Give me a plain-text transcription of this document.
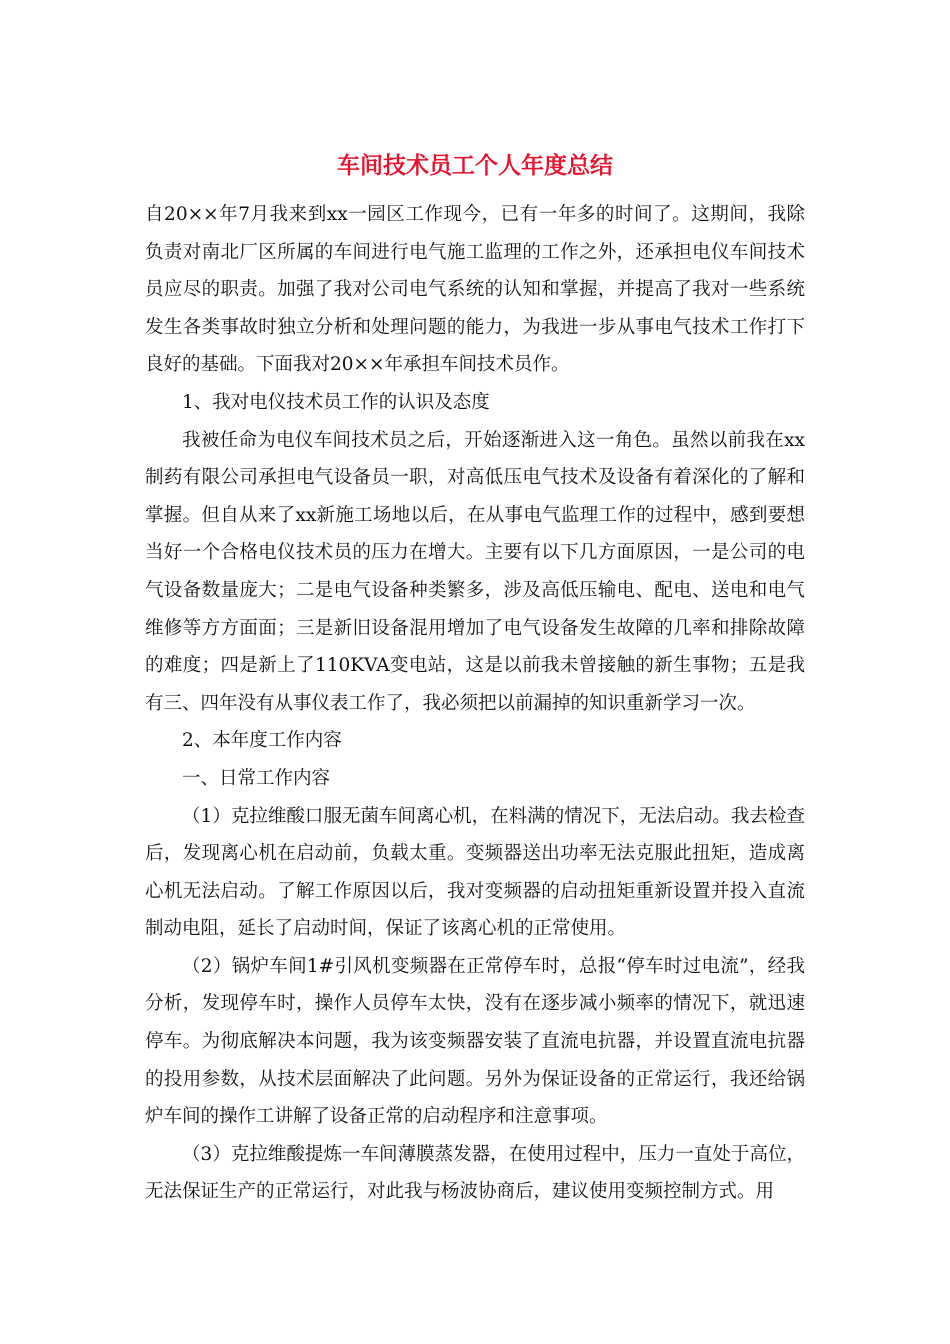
车间技术员工个人年度总结

自20××年7月我来到xx一园区工作现今，已有一年多的时间了。这期间，我除负责对南北厂区所属的车间进行电气施工监理的工作之外，还承担电仪车间技术员应尽的职责。加强了我对公司电气系统的认知和掌握，并提高了我对一些系统发生各类事故时独立分析和处理问题的能力，为我进一步从事电气技术工作打下良好的基础。下面我对20××年承担车间技术员作。

1、我对电仪技术员工作的认识及态度

我被任命为电仪车间技术员之后，开始逐渐进入这一角色。虽然以前我在xx制药有限公司承担电气设备员一职，对高低压电气技术及设备有着深化的了解和掌握。但自从来了xx新施工场地以后，在从事电气监理工作的过程中，感到要想当好一个合格电仪技术员的压力在增大。主要有以下几方面原因，一是公司的电气设备数量庞大；二是电气设备种类繁多，涉及高低压输电、配电、送电和电气维修等方方面面；三是新旧设备混用增加了电气设备发生故障的几率和排除故障的难度；四是新上了110KVA变电站，这是以前我未曾接触的新生事物；五是我有三、四年没有从事仪表工作了，我必须把以前漏掉的知识重新学习一次。

2、本年度工作内容

一、日常工作内容

（1）克拉维酸口服无菌车间离心机，在料满的情况下，无法启动。我去检查后，发现离心机在启动前，负载太重。变频器送出功率无法克服此扭矩，造成离心机无法启动。了解工作原因以后，我对变频器的启动扭矩重新设置并投入直流制动电阻，延长了启动时间，保证了该离心机的正常使用。

（2）锅炉车间1#引风机变频器在正常停车时，总报“停车时过电流”，经我分析，发现停车时，操作人员停车太快，没有在逐步减小频率的情况下，就迅速停车。为彻底解决本问题，我为该变频器安装了直流电抗器，并设置直流电抗器的投用参数，从技术层面解决了此问题。另外为保证设备的正常运行，我还给锅炉车间的操作工讲解了设备正常的启动程序和注意事项。

（3）克拉维酸提炼一车间薄膜蒸发器，在使用过程中，压力一直处于高位，无法保证生产的正常运行，对此我与杨波协商后，建议使用变频控制方式。用
